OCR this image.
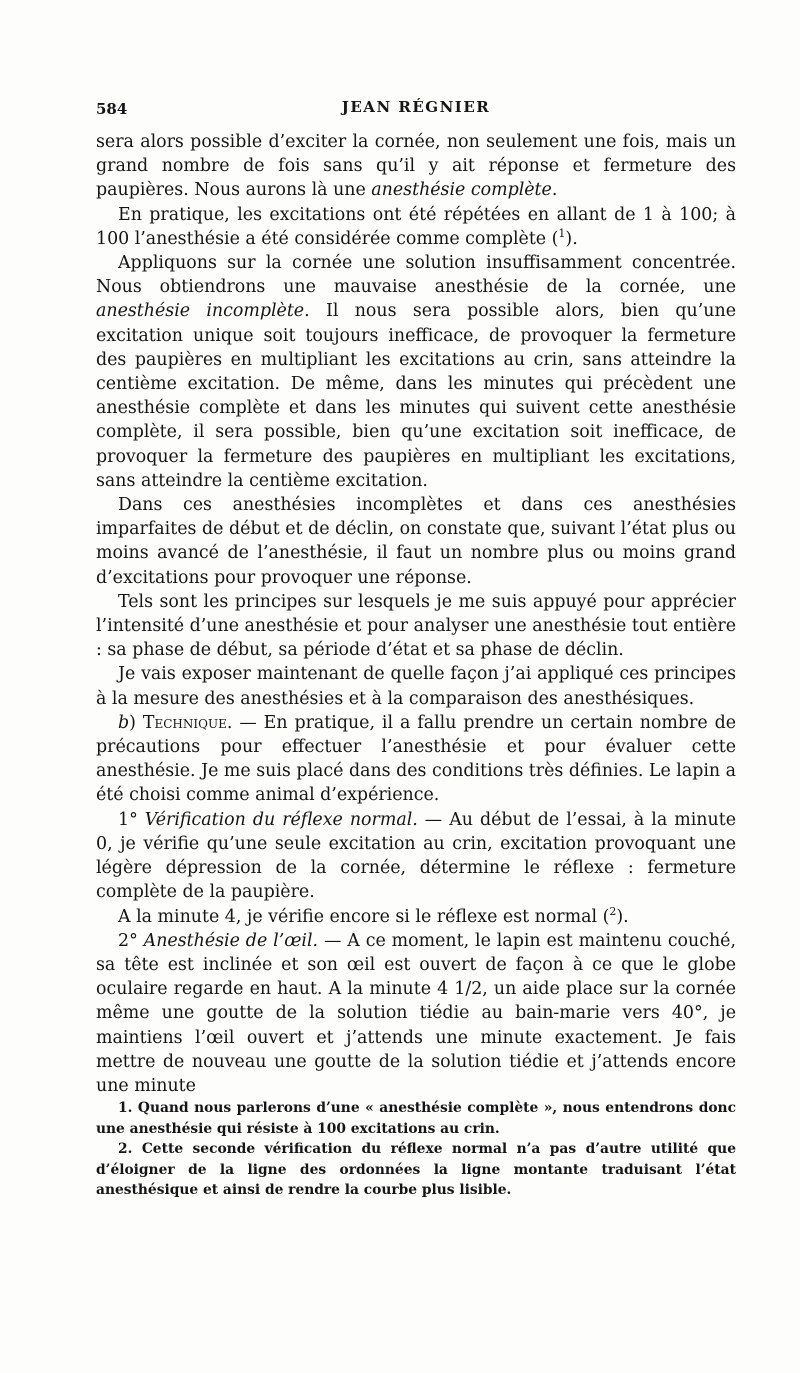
584	JEAN RÉGNIER

sera alors possible d’exciter la cornée, non seulement une fois, mais un grand nombre de fois sans qu’il y ait réponse et fermeture des paupières. Nous aurons là une anesthésie complète.

En pratique, les excitations ont été répétées en allant de 1 à 100; à 100 l’anesthésie a été considérée comme complète ($^1$).

Appliquons sur la cornée une solution insuffisamment concentrée. Nous obtiendrons une mauvaise anesthésie de la cornée, une anesthésie incomplète. Il nous sera possible alors, bien qu’une excitation unique soit toujours inefficace, de provoquer la fermeture des paupières en multipliant les excitations au crin, sans atteindre la centième excitation. De même, dans les minutes qui précèdent une anesthésie complète et dans les minutes qui suivent cette anesthésie complète, il sera possible, bien qu’une excitation soit inefficace, de provoquer la fermeture des paupières en multipliant les excitations, sans atteindre la centième excitation.

Dans ces anesthésies incomplètes et dans ces anesthésies imparfaites de début et de déclin, on constate que, suivant l’état plus ou moins avancé de l’anesthésie, il faut un nombre plus ou moins grand d’excitations pour provoquer une réponse.

Tels sont les principes sur lesquels je me suis appuyé pour apprécier l’intensité d’une anesthésie et pour analyser une anesthésie tout entière : sa phase de début, sa période d’état et sa phase de déclin.

Je vais exposer maintenant de quelle façon j’ai appliqué ces principes à la mesure des anesthésies et à la comparaison des anesthésiques.

b) Technique. — En pratique, il a fallu prendre un certain nombre de précautions pour effectuer l’anesthésie et pour évaluer cette anesthésie. Je me suis placé dans des conditions très définies. Le lapin a été choisi comme animal d’expérience.

1° Vérification du réflexe normal. — Au début de l’essai, à la minute 0, je vérifie qu’une seule excitation au crin, excitation provoquant une légère dépression de la cornée, détermine le réflexe : fermeture complète de la paupière.

A la minute 4, je vérifie encore si le réflexe est normal ($^2$).

2° Anesthésie de l’œil. — A ce moment, le lapin est maintenu couché, sa tête est inclinée et son œil est ouvert de façon à ce que le globe oculaire regarde en haut. A la minute 4 1/2, un aide place sur la cornée même une goutte de la solution tiédie au bain-marie vers 40°, je maintiens l’œil ouvert et j’attends une minute exactement. Je fais mettre de nouveau une goutte de la solution tiédie et j’attends encore une minute

1. Quand nous parlerons d’une « anesthésie complète », nous entendrons donc une anesthésie qui résiste à 100 excitations au crin.

2. Cette seconde vérification du réflexe normal n’a pas d’autre utilité que d’éloigner de la ligne des ordonnées la ligne montante traduisant l’état anesthésique et ainsi de rendre la courbe plus lisible.
